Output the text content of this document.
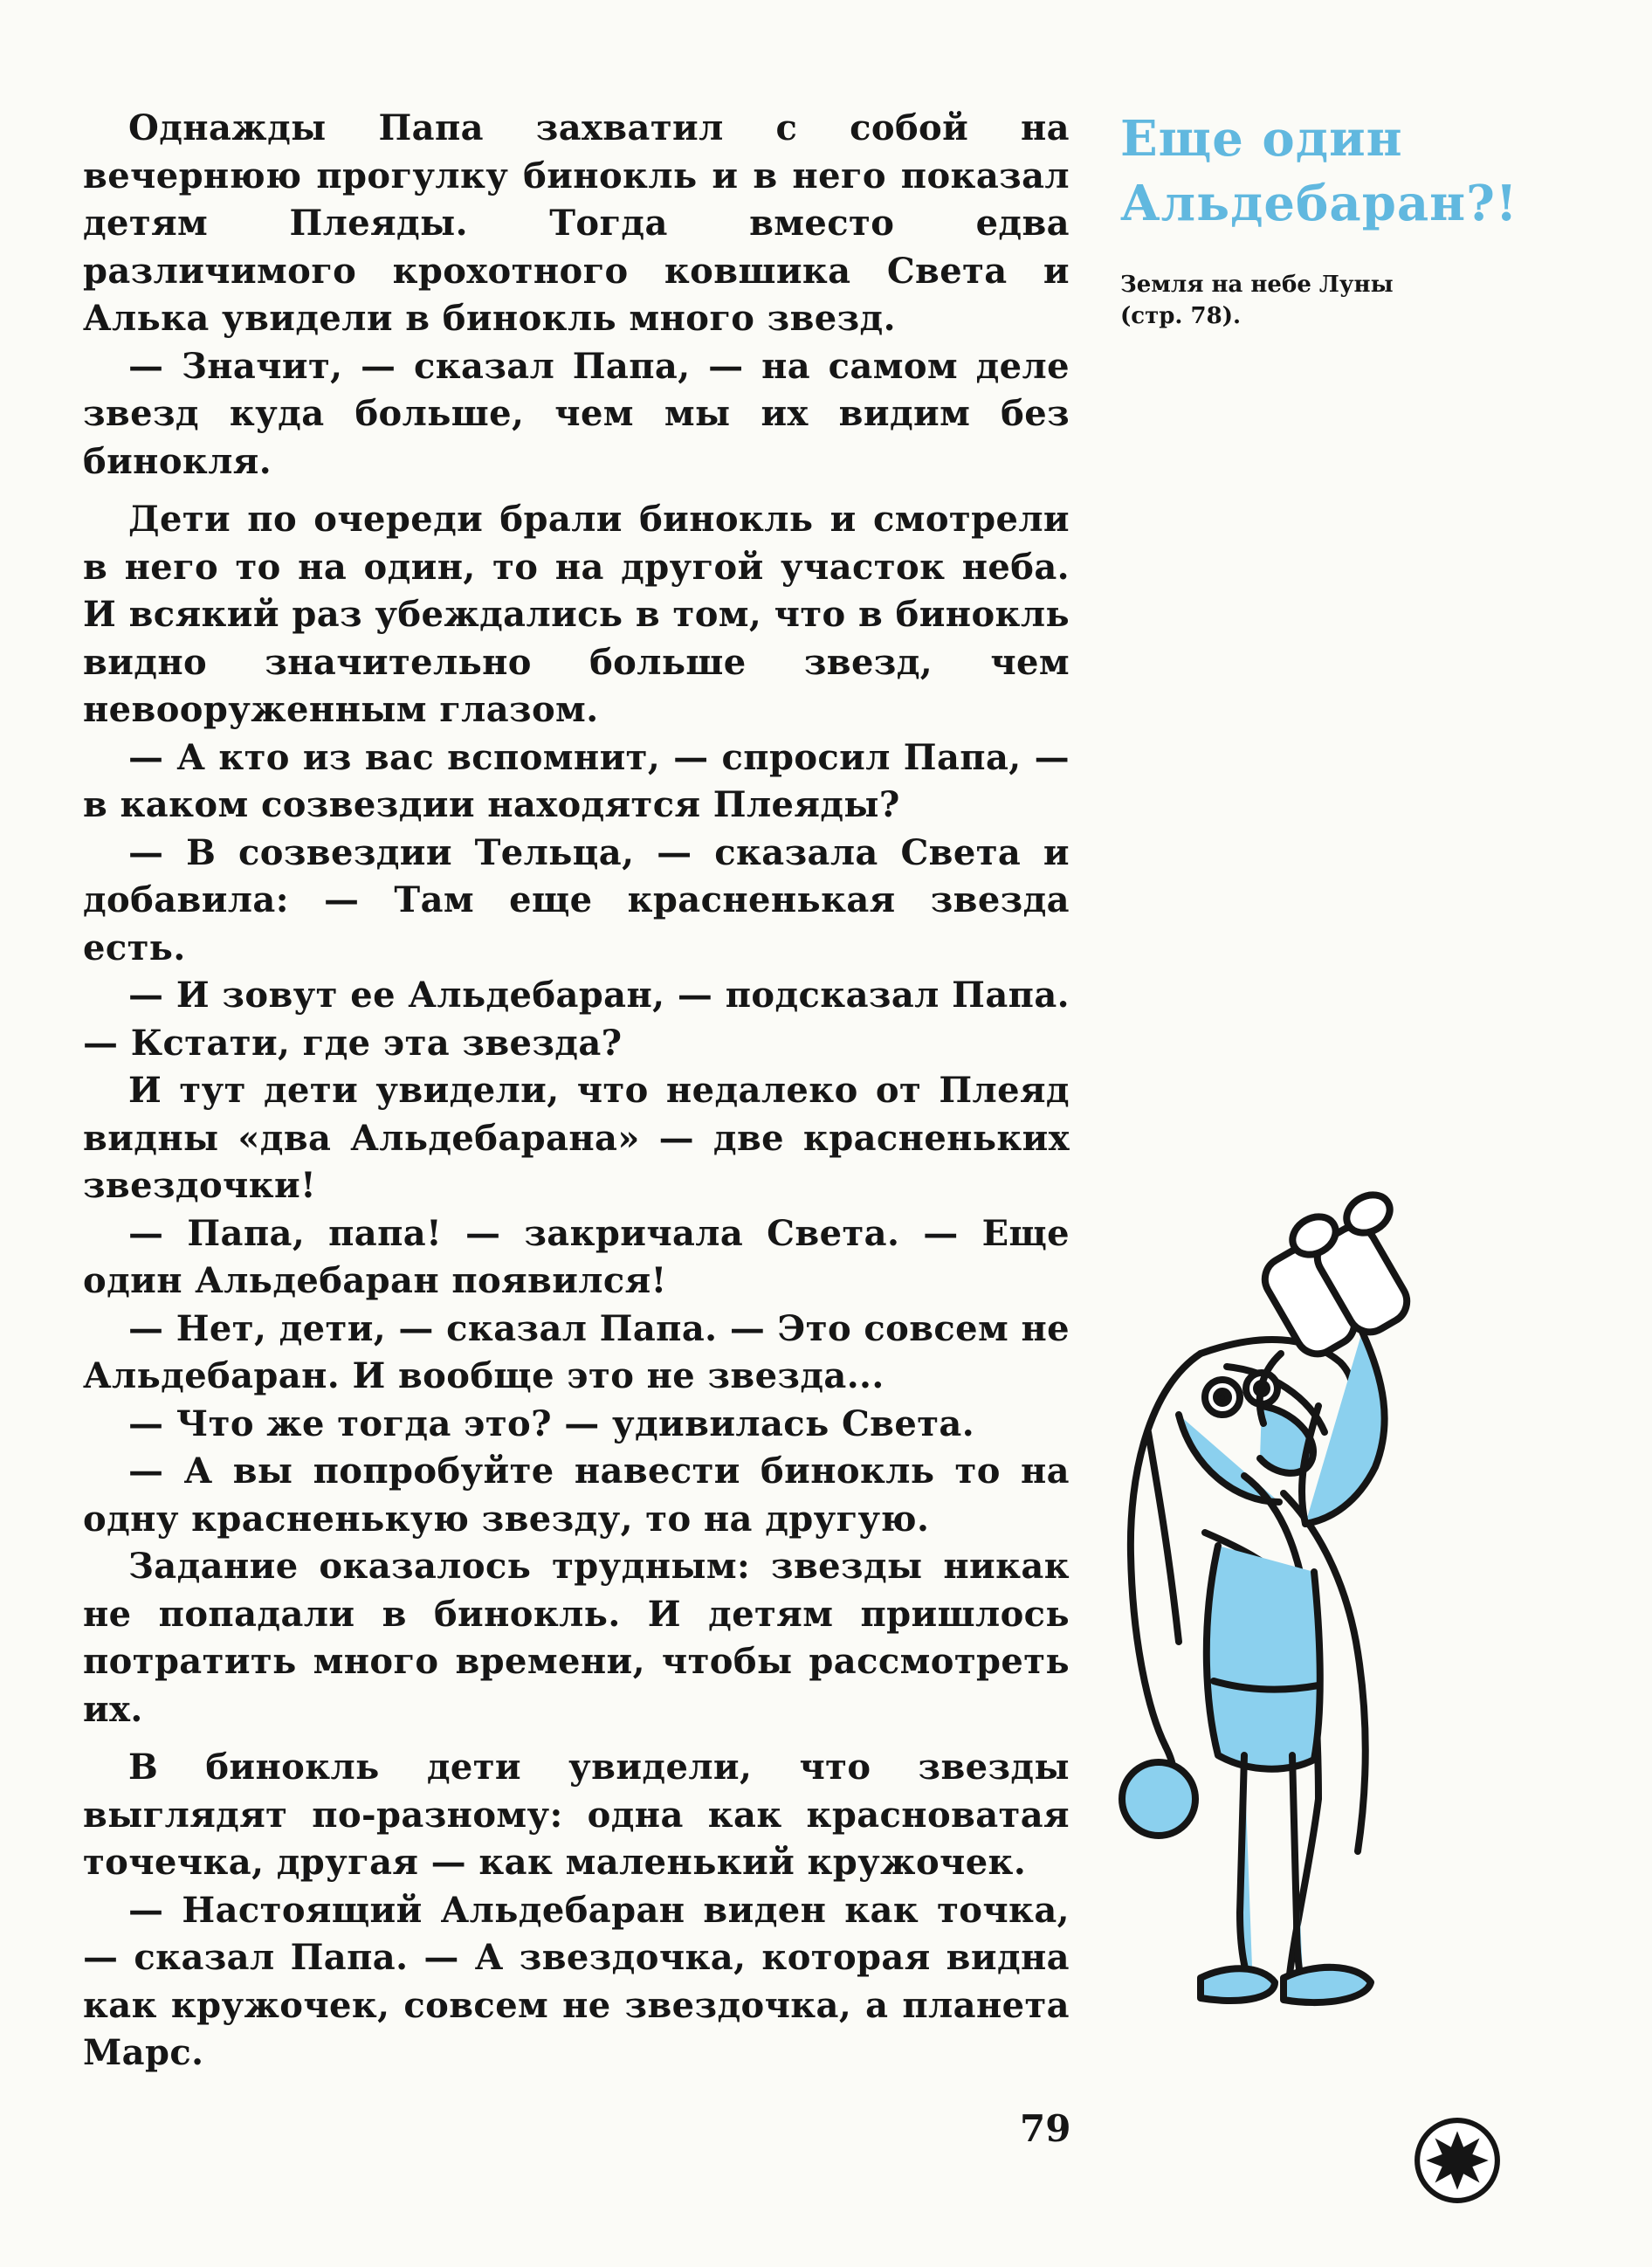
Однажды Папа захватил с собой на вечернюю прогулку бинокль и в него показал детям Плеяды. Тогда вместо едва различимого крохотного ковшика Света и Алька увидели в бинокль много звезд.

— Значит, — сказал Папа, — на самом деле звезд куда больше, чем мы их видим без бинокля.

Дети по очереди брали бинокль и смотрели в него то на один, то на другой участок неба. И всякий раз убеждались в том, что в бинокль видно значительно больше звезд, чем невооруженным глазом.

— А кто из вас вспомнит, — спросил Папа, — в каком созвездии находятся Плеяды?

— В созвездии Тельца, — сказала Света и добавила: — Там еще красненькая звезда есть.

— И зовут ее Альдебаран, — подсказал Папа. — Кстати, где эта звезда?

И тут дети увидели, что недалеко от Плеяд видны «два Альдебарана» — две красненьких звездочки!

— Папа, папа! — закричала Света. — Еще один Альдебаран появился!

— Нет, дети, — сказал Папа. — Это совсем не Альдебаран. И вообще это не звезда...

— Что же тогда это? — удивилась Света.

— А вы попробуйте навести бинокль то на одну красненькую звезду, то на другую.

Задание оказалось трудным: звезды никак не попадали в бинокль. И детям пришлось потратить много времени, чтобы рассмотреть их.

В бинокль дети увидели, что звезды выглядят по-разному: одна как красноватая точечка, другая — как маленький кружочек.

— Настоящий Альдебаран виден как точка, — сказал Папа. — А звездочка, которая видна как кружочек, совсем не звездочка, а планета Марс.

Еще один
Альдебаран?!
Земля на небе Луны
(стр. 78).
79
